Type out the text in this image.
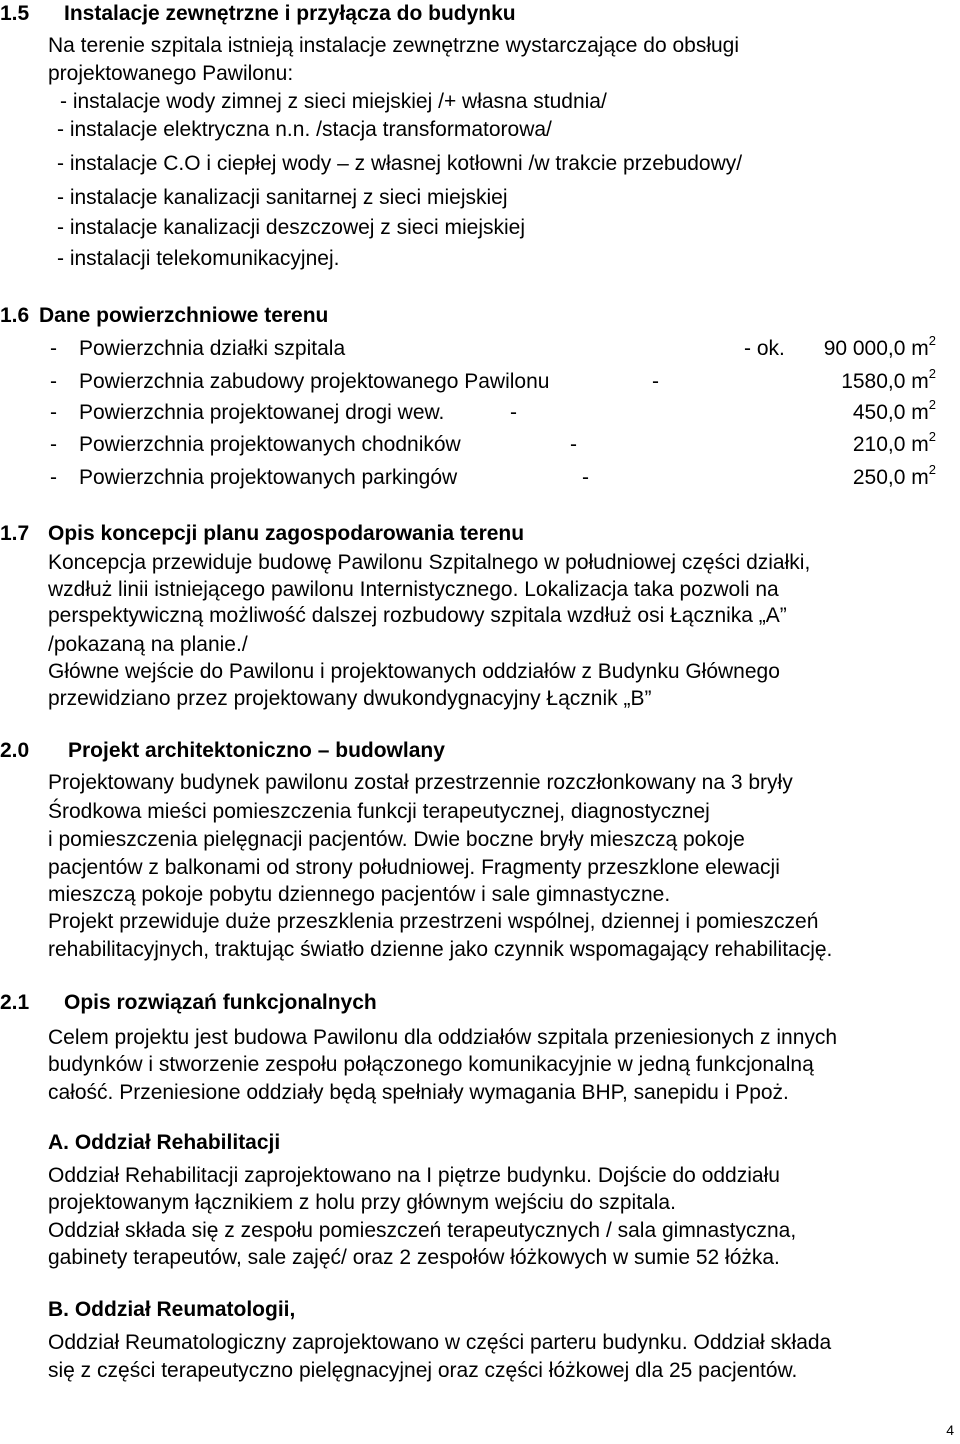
1.5 Instalacje zewnętrzne i przyłącza do budynku
Na terenie szpitala istnieją instalacje zewnętrzne wystarczające do obsługi
projektowanego Pawilonu:
- instalacje wody zimnej z sieci miejskiej /+ własna studnia/
- instalacje elektryczna n.n. /stacja transformatorowa/
- instalacje C.O i ciepłej wody – z własnej kotłowni /w trakcie przebudowy/
- instalacje kanalizacji sanitarnej z sieci miejskiej
- instalacje kanalizacji deszczowej z sieci miejskiej
- instalacji telekomunikacyjnej.
1.6 Dane powierzchniowe terenu
- Powierzchnia działki szpitala	- ok. 90 000,0 $m^2$
- Powierzchnia zabudowy projektowanego Pawilonu	-	1580,0 $m^2$
- Powierzchnia projektowanej drogi wew.	-	450,0 $m^2$
- Powierzchnia projektowanych chodników	-	210,0 $m^2$
- Powierzchnia projektowanych parkingów	-	250,0 $m^2$
1.7 Opis koncepcji planu zagospodarowania terenu
Koncepcja przewiduje budowę Pawilonu Szpitalnego w południowej części działki,
wzdłuż linii istniejącego pawilonu Internistycznego. Lokalizacja taka pozwoli na
perspektywiczną możliwość dalszej rozbudowy szpitala wzdłuż osi Łącznika „A”
/pokazaną na planie./
Główne wejście do Pawilonu i projektowanych oddziałów z Budynku Głównego
przewidziano przez projektowany dwukondygnacyjny Łącznik „B”
2.0 Projekt architektoniczno – budowlany
Projektowany budynek pawilonu został przestrzennie rozczłonkowany na 3 bryły
Środkowa mieści pomieszczenia funkcji terapeutycznej, diagnostycznej
i pomieszczenia pielęgnacji pacjentów. Dwie boczne bryły mieszczą pokoje
pacjentów z balkonami od strony południowej. Fragmenty przeszklone elewacji
mieszczą pokoje pobytu dziennego pacjentów i sale gimnastyczne.
Projekt przewiduje duże przeszklenia przestrzeni wspólnej, dziennej i pomieszczeń
rehabilitacyjnych, traktując światło dzienne jako czynnik wspomagający rehabilitację.
2.1 Opis rozwiązań funkcjonalnych
Celem projektu jest budowa Pawilonu dla oddziałów szpitala przeniesionych z innych
budynków i stworzenie zespołu połączonego komunikacyjnie w jedną funkcjonalną
całość. Przeniesione oddziały będą spełniały wymagania BHP, sanepidu i Ppoż.
A. Oddział Rehabilitacji
Oddział Rehabilitacji zaprojektowano na I piętrze budynku. Dojście do oddziału
projektowanym łącznikiem z holu przy głównym wejściu do szpitala.
Oddział składa się z zespołu pomieszczeń terapeutycznych / sala gimnastyczna,
gabinety terapeutów, sale zajęć/ oraz 2 zespołów łóżkowych w sumie 52 łóżka.
B. Oddział Reumatologii,
Oddział Reumatologiczny zaprojektowano w części parteru budynku. Oddział składa
się z części terapeutyczno pielęgnacyjnej oraz części łóżkowej dla 25 pacjentów.
4
